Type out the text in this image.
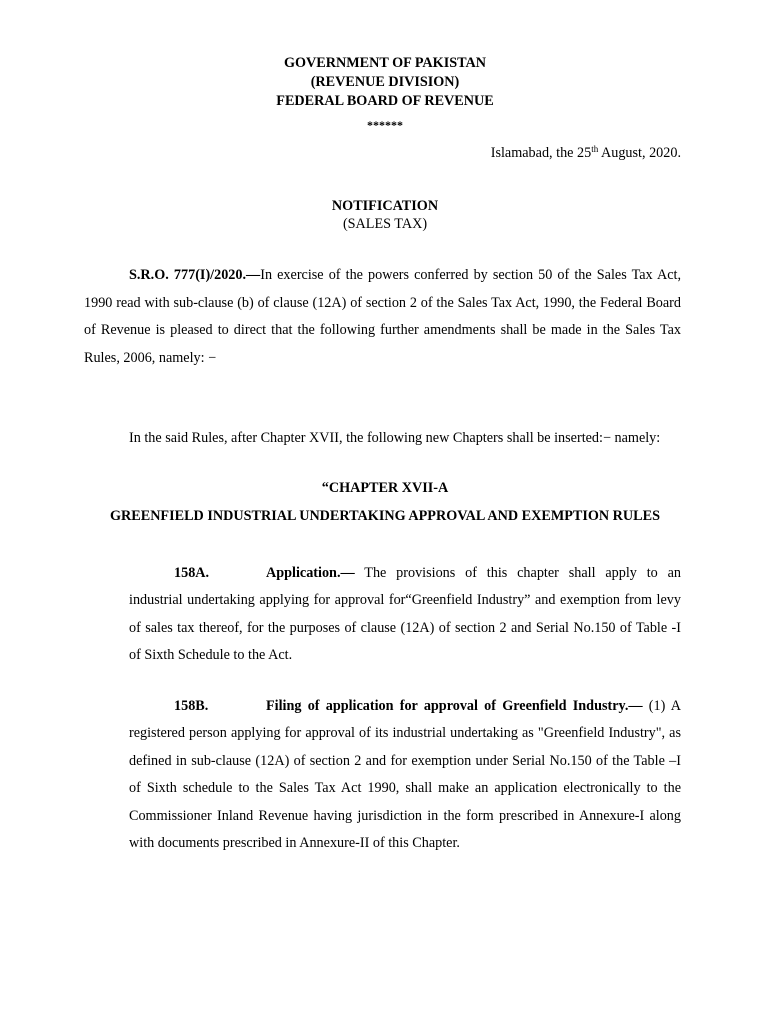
GOVERNMENT OF PAKISTAN
(REVENUE DIVISION)
FEDERAL BOARD OF REVENUE
******
Islamabad, the 25th August, 2020.
NOTIFICATION
(SALES TAX)
S.R.O. 777(I)/2020.—In exercise of the powers conferred by section 50 of the Sales Tax Act, 1990 read with sub-clause (b) of clause (12A) of section 2 of the Sales Tax Act, 1990, the Federal Board of Revenue is pleased to direct that the following further amendments shall be made in the Sales Tax Rules, 2006, namely: −
In the said Rules, after Chapter XVII, the following new Chapters shall be inserted:− namely:
“CHAPTER XVII-A
GREENFIELD INDUSTRIAL UNDERTAKING APPROVAL AND EXEMPTION RULES
158A.	Application.— The provisions of this chapter shall apply to an industrial undertaking applying for approval for“Greenfield Industry” and exemption from levy of sales tax thereof, for the purposes of clause (12A) of section 2 and Serial No.150 of Table -I of Sixth Schedule to the Act.
158B.	Filing of application for approval of Greenfield Industry.— (1) A registered person applying for approval of its industrial undertaking as "Greenfield Industry", as defined in sub-clause (12A) of section 2 and for exemption under Serial No.150 of the Table –I of Sixth schedule to the Sales Tax Act 1990, shall make an application electronically to the Commissioner Inland Revenue having jurisdiction in the form prescribed in Annexure-I along with documents prescribed in Annexure-II of this Chapter.
